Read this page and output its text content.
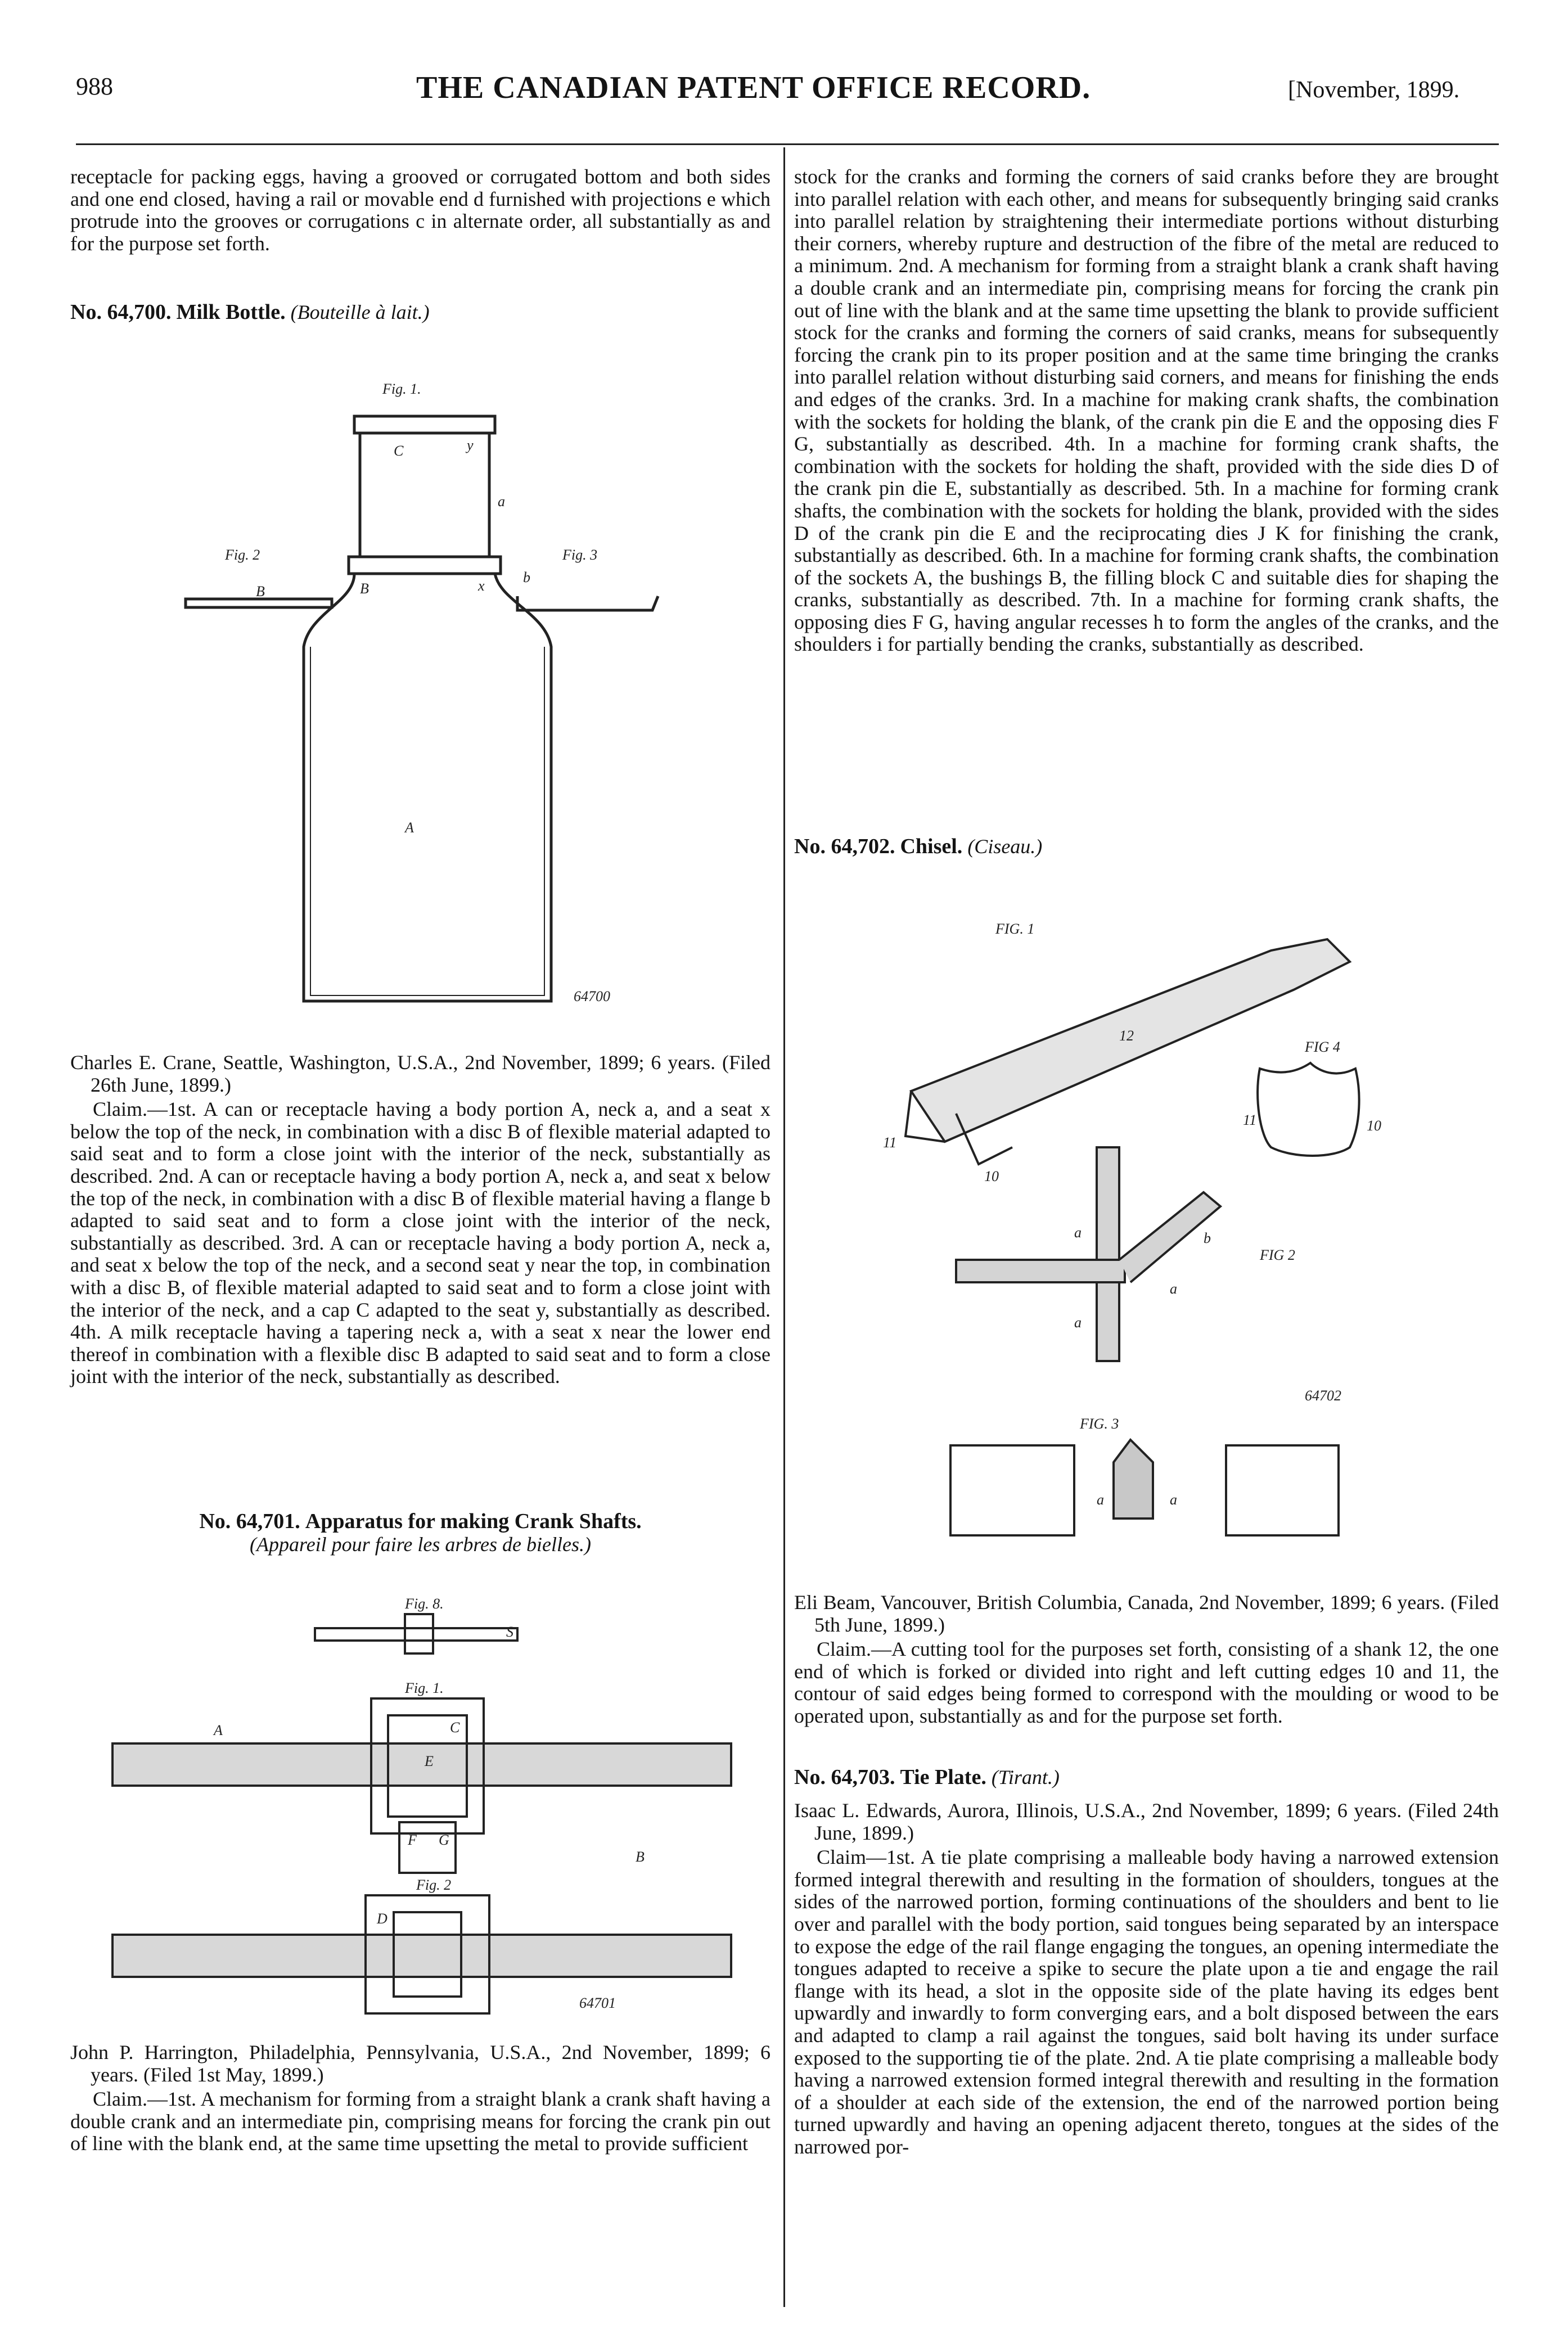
988	THE CANADIAN PATENT OFFICE RECORD.	[November, 1899.

receptacle for packing eggs, having a grooved or corrugated bottom and both sides and one end closed, having a rail or movable end d furnished with projections e which protrude into the grooves or corrugations c in alternate order, all substantially as and for the purpose set forth.

No. 64,700. Milk Bottle. (Bouteille à lait.)
Fig. 1.
Fig. 2	Fig. 3
C	y
a
b
B	x
B
A
64700

Charles E. Crane, Seattle, Washington, U.S.A., 2nd November, 1899; 6 years. (Filed 26th June, 1899.)

Claim.—1st. A can or receptacle having a body portion A, neck a, and a seat x below the top of the neck, in combination with a disc B of flexible material adapted to said seat and to form a close joint with the interior of the neck, substantially as described. 2nd. A can or receptacle having a body portion A, neck a, and seat x below the top of the neck, in combination with a disc B of flexible material having a flange b adapted to said seat and to form a close joint with the interior of the neck, substantially as described. 3rd. A can or receptacle having a body portion A, neck a, and seat x below the top of the neck, and a second seat y near the top, in combination with a disc B, of flexible material adapted to said seat and to form a close joint with the interior of the neck, and a cap C adapted to the seat y, substantially as described. 4th. A milk receptacle having a tapering neck a, with a seat x near the lower end thereof in combination with a flexible disc B adapted to said seat and to form a close joint with the interior of the neck, substantially as described.

No. 64,701. Apparatus for making Crank Shafts.
(Appareil pour faire les arbres de bielles.)
Fig. 8.
Fig. 1.
Fig. 2
A
B
C
D
E
F G
S
64701

John P. Harrington, Philadelphia, Pennsylvania, U.S.A., 2nd November, 1899; 6 years. (Filed 1st May, 1899.)

Claim.—1st. A mechanism for forming from a straight blank a crank shaft having a double crank and an intermediate pin, comprising means for forcing the crank pin out of line with the blank end, at the same time upsetting the metal to provide sufficient

stock for the cranks and forming the corners of said cranks before they are brought into parallel relation with each other, and means for subsequently bringing said cranks into parallel relation by straightening their intermediate portions without disturbing their corners, whereby rupture and destruction of the fibre of the metal are reduced to a minimum. 2nd. A mechanism for forming from a straight blank a crank shaft having a double crank and an intermediate pin, comprising means for forcing the crank pin out of line with the blank and at the same time upsetting the blank to provide sufficient stock for the cranks and forming the corners of said cranks, means for subsequently forcing the crank pin to its proper position and at the same time bringing the cranks into parallel relation without disturbing said corners, and means for finishing the ends and edges of the cranks. 3rd. In a machine for making crank shafts, the combination with the sockets for holding the blank, of the crank pin die E and the opposing dies F G, substantially as described. 4th. In a machine for forming crank shafts, the combination with the sockets for holding the shaft, provided with the side dies D of the crank pin die E, substantially as described. 5th. In a machine for forming crank shafts, the combination with the sockets for holding the blank, provided with the sides D of the crank pin die E and the reciprocating dies J K for finishing the crank, substantially as described. 6th. In a machine for forming crank shafts, the combination of the sockets A, the bushings B, the filling block C and suitable dies for shaping the cranks, substantially as described. 7th. In a machine for forming crank shafts, the opposing dies F G, having angular recesses h to form the angles of the cranks, and the shoulders i for partially bending the cranks, substantially as described.

No. 64,702. Chisel. (Ciseau.)
FIG. 1
FIG 4
FIG 2
FIG. 3
12
11
10
11	10
a	b
a
a
a	a
64702

Eli Beam, Vancouver, British Columbia, Canada, 2nd November, 1899; 6 years. (Filed 5th June, 1899.)

Claim.—A cutting tool for the purposes set forth, consisting of a shank 12, the one end of which is forked or divided into right and left cutting edges 10 and 11, the contour of said edges being formed to correspond with the moulding or wood to be operated upon, substantially as and for the purpose set forth.

No. 64,703. Tie Plate. (Tirant.)

Isaac L. Edwards, Aurora, Illinois, U.S.A., 2nd November, 1899; 6 years. (Filed 24th June, 1899.)

Claim—1st. A tie plate comprising a malleable body having a narrowed extension formed integral therewith and resulting in the formation of shoulders, tongues at the sides of the narrowed portion, forming continuations of the shoulders and bent to lie over and parallel with the body portion, said tongues being separated by an interspace to expose the edge of the rail flange engaging the tongues, an opening intermediate the tongues adapted to receive a spike to secure the plate upon a tie and engage the rail flange with its head, a slot in the opposite side of the plate having its edges bent upwardly and inwardly to form converging ears, and a bolt disposed between the ears and adapted to clamp a rail against the tongues, said bolt having its under surface exposed to the supporting tie of the plate. 2nd. A tie plate comprising a malleable body having a narrowed extension formed integral therewith and resulting in the formation of a shoulder at each side of the extension, the end of the narrowed portion being turned upwardly and having an opening adjacent thereto, tongues at the sides of the narrowed por-
